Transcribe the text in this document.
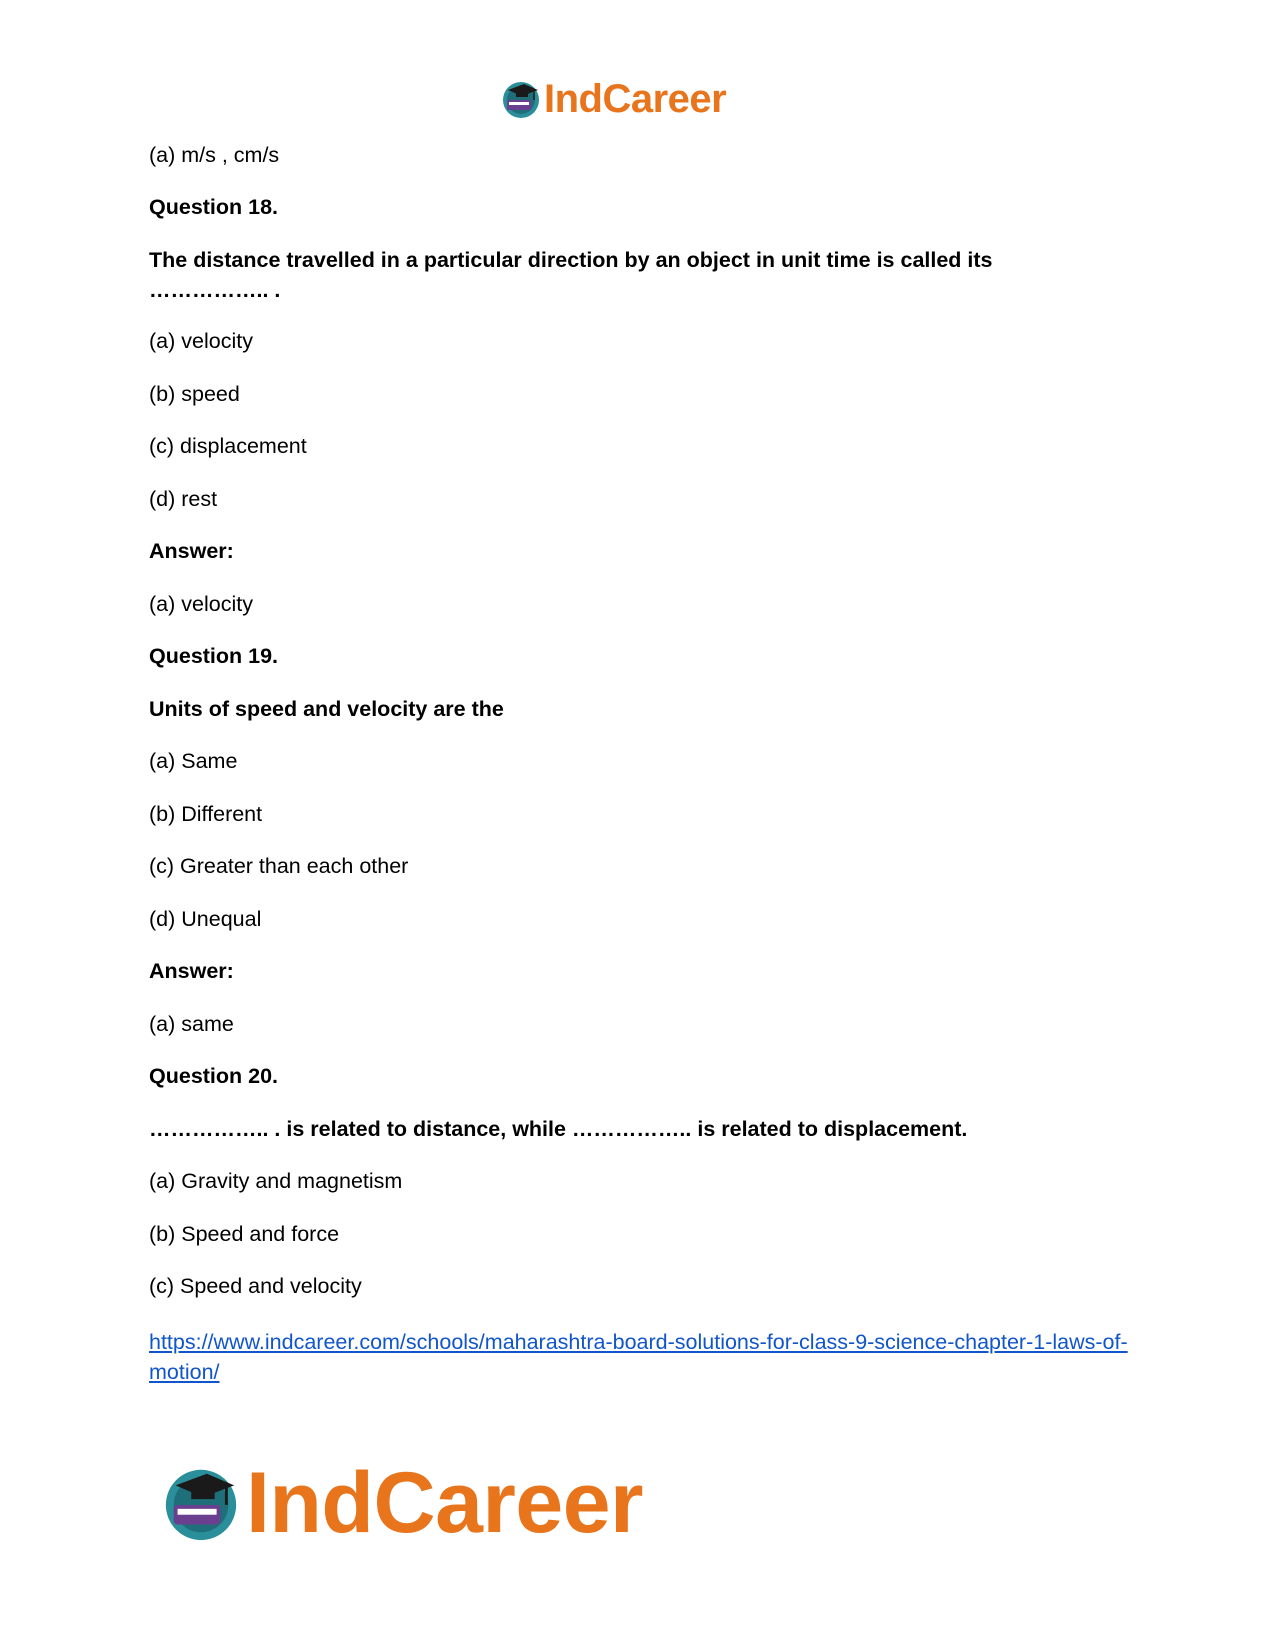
IndCareer
(a) m/s , cm/s
Question 18.
The distance travelled in a particular direction by an object in unit time is called its …………….. .
(a) velocity
(b) speed
(c) displacement
(d) rest
Answer:
(a) velocity
Question 19.
Units of speed and velocity are the
(a) Same
(b) Different
(c) Greater than each other
(d) Unequal
Answer:
(a) same
Question 20.
…………….. . is related to distance, while …………….. is related to displacement.
(a) Gravity and magnetism
(b) Speed and force
(c) Speed and velocity
https://www.indcareer.com/schools/maharashtra-board-solutions-for-class-9-science-chapter-1-laws-of-motion/
IndCareer
